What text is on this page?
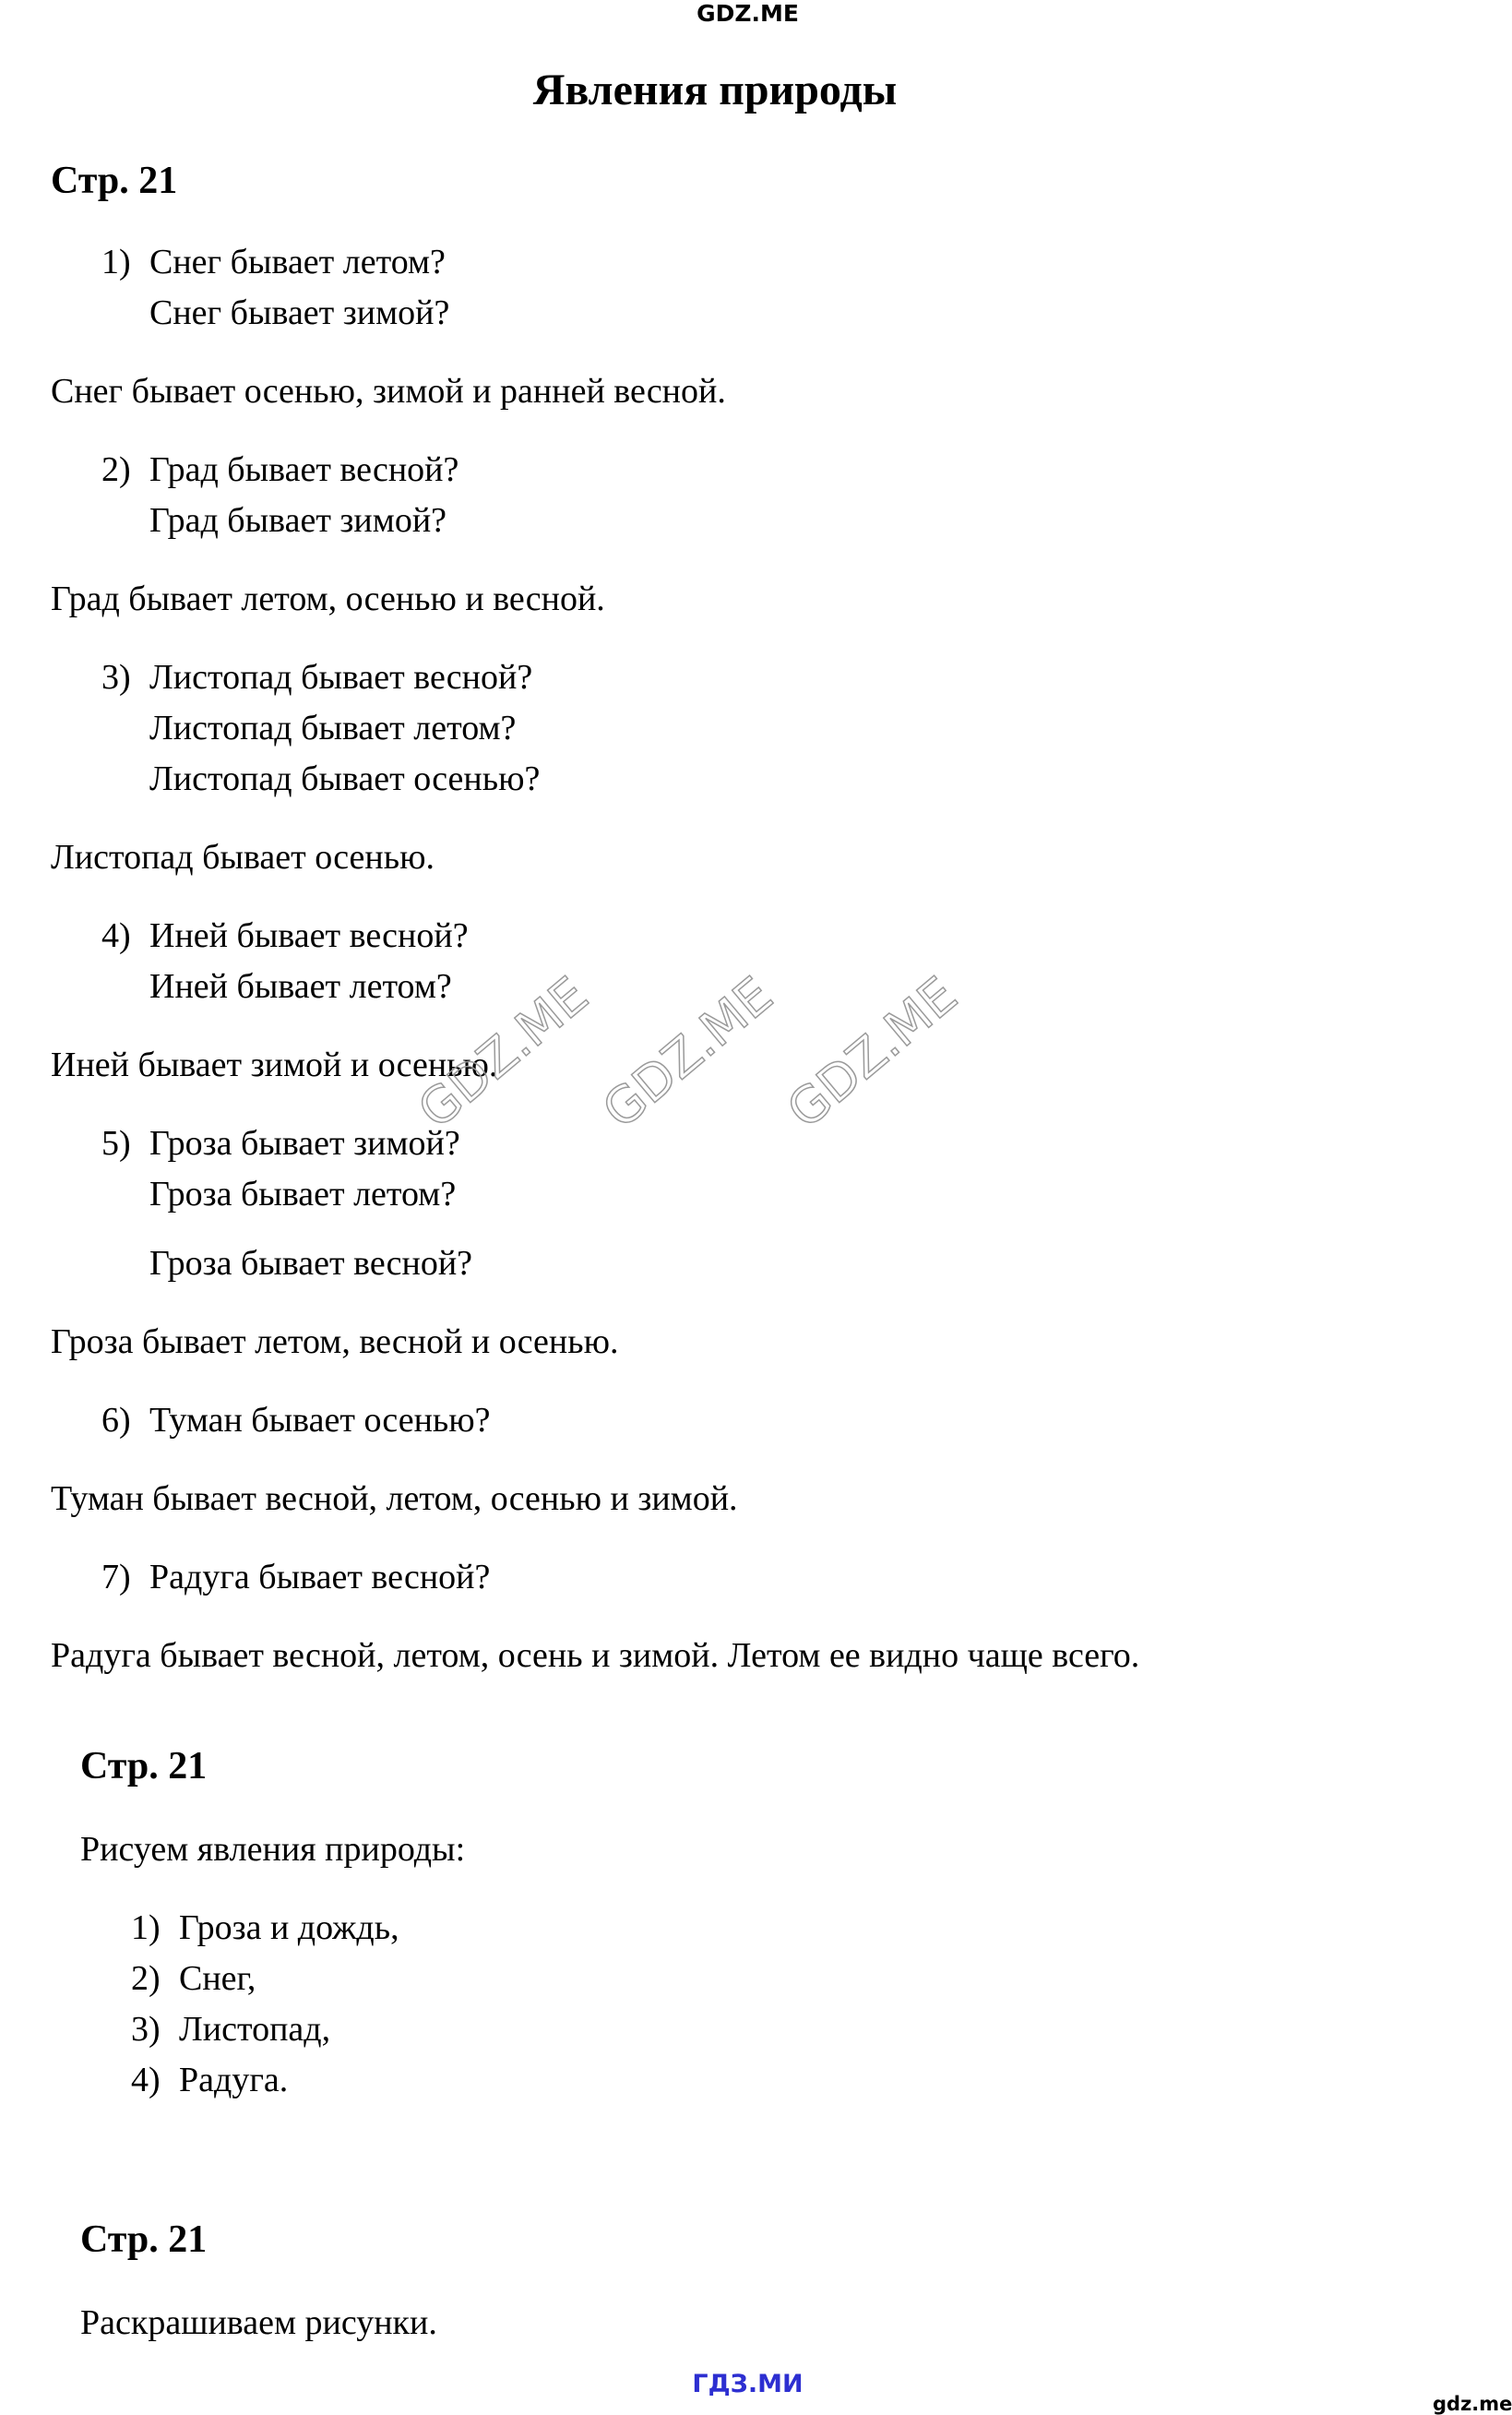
GDZ.ME
Явления природы
Стр. 21
1) Снег бывает летом?
Снег бывает зимой?
Снег бывает осенью, зимой и ранней весной.
2) Град бывает весной?
Град бывает зимой?
Град бывает летом, осенью и весной.
3) Листопад бывает весной?
Листопад бывает летом?
Листопад бывает осенью?
Листопад бывает осенью.
4) Иней бывает весной?
Иней бывает летом?
Иней бывает зимой и осенью.
5) Гроза бывает зимой?
Гроза бывает летом?
Гроза бывает весной?
Гроза бывает летом, весной и осенью.
6) Туман бывает осенью?
Туман бывает весной, летом, осенью и зимой.
7) Радуга бывает весной?
Радуга бывает весной, летом, осень и зимой. Летом ее видно чаще всего.
Стр. 21
Рисуем явления природы:
1) Гроза и дождь,
2) Снег,
3) Листопад,
4) Радуга.
Стр. 21
Раскрашиваем рисунки.
GDZ.ME
GDZ.ME
GDZ.ME
gdz.me
ГДЗ.МИ
